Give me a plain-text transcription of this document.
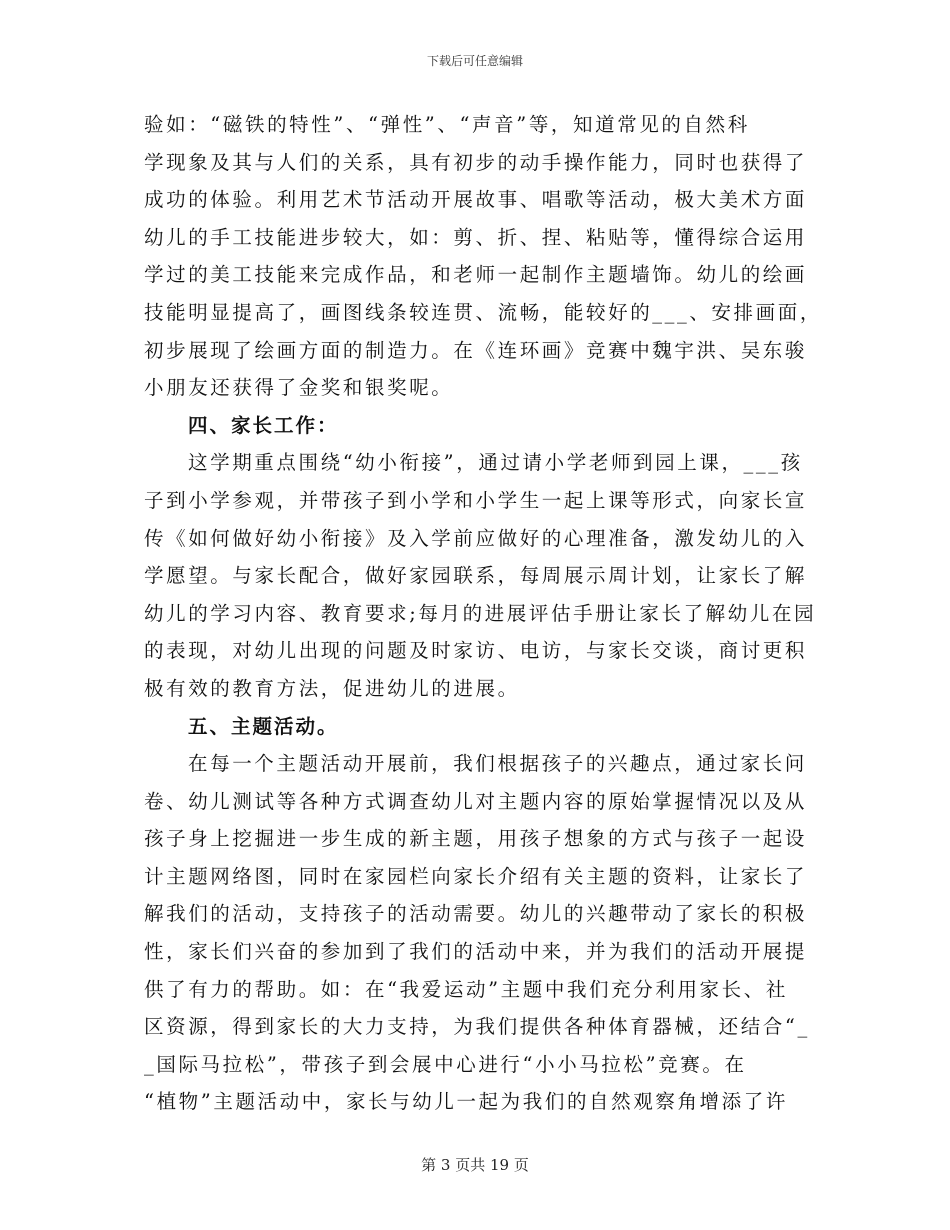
下载后可任意编辑
验如：“磁铁的特性”、“弹性”、“声音”等，知道常见的自然科
学现象及其与人们的关系，具有初步的动手操作能力，同时也获得了
成功的体验。利用艺术节活动开展故事、唱歌等活动，极大美术方面
幼儿的手工技能进步较大，如：剪、折、捏、粘贴等，懂得综合运用
学过的美工技能来完成作品，和老师一起制作主题墙饰。幼儿的绘画
技能明显提高了，画图线条较连贯、流畅，能较好的___、安排画面，
初步展现了绘画方面的制造力。在《连环画》竞赛中魏宇洪、吴东骏
小朋友还获得了金奖和银奖呢。
四、家长工作：
这学期重点围绕“幼小衔接”，通过请小学老师到园上课，___孩
子到小学参观，并带孩子到小学和小学生一起上课等形式，向家长宣
传《如何做好幼小衔接》及入学前应做好的心理准备，激发幼儿的入
学愿望。与家长配合，做好家园联系，每周展示周计划，让家长了解
幼儿的学习内容、教育要求;每月的进展评估手册让家长了解幼儿在园
的表现，对幼儿出现的问题及时家访、电访，与家长交谈，商讨更积
极有效的教育方法，促进幼儿的进展。
五、主题活动。
在每一个主题活动开展前，我们根据孩子的兴趣点，通过家长问
卷、幼儿测试等各种方式调查幼儿对主题内容的原始掌握情况以及从
孩子身上挖掘进一步生成的新主题，用孩子想象的方式与孩子一起设
计主题网络图，同时在家园栏向家长介绍有关主题的资料，让家长了
解我们的活动，支持孩子的活动需要。幼儿的兴趣带动了家长的积极
性，家长们兴奋的参加到了我们的活动中来，并为我们的活动开展提
供了有力的帮助。如：在“我爱运动”主题中我们充分利用家长、社
区资源，得到家长的大力支持，为我们提供各种体育器械，还结合“_
_国际马拉松”，带孩子到会展中心进行“小小马拉松”竞赛。在
“植物”主题活动中，家长与幼儿一起为我们的自然观察角增添了许
第 3 页共 19 页
